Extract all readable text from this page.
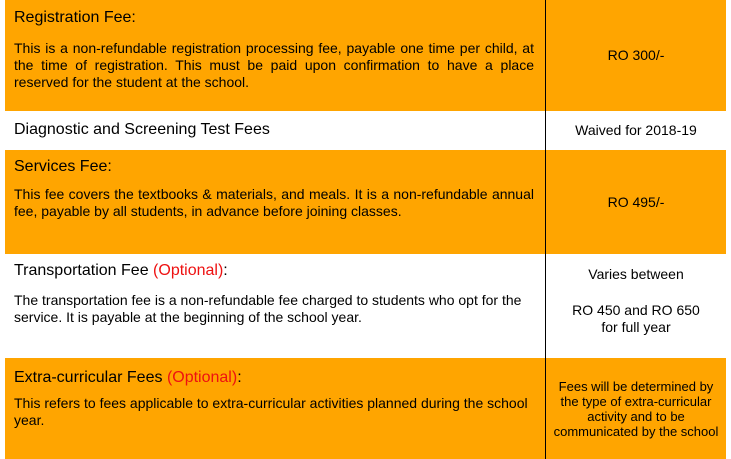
Registration Fee:
This is a non-refundable registration processing fee, payable one time per child, at the time of registration. This must be paid upon confirmation to have a place reserved for the student at the school.
RO 300/-
Diagnostic and Screening Test Fees	Waived for 2018-19
Services Fee:
This fee covers the textbooks & materials, and meals. It is a non-refundable annual fee, payable by all students, in advance before joining classes.
RO 495/-
Transportation Fee (Optional):
The transportation fee is a non-refundable fee charged to students who opt for the service. It is payable at the beginning of the school year.
Varies between
RO 450 and RO 650
for full year
Extra-curricular Fees (Optional):
This refers to fees applicable to extra-curricular activities planned during the school year.
Fees will be determined by the type of extra-curricular activity and to be communicated by the school
